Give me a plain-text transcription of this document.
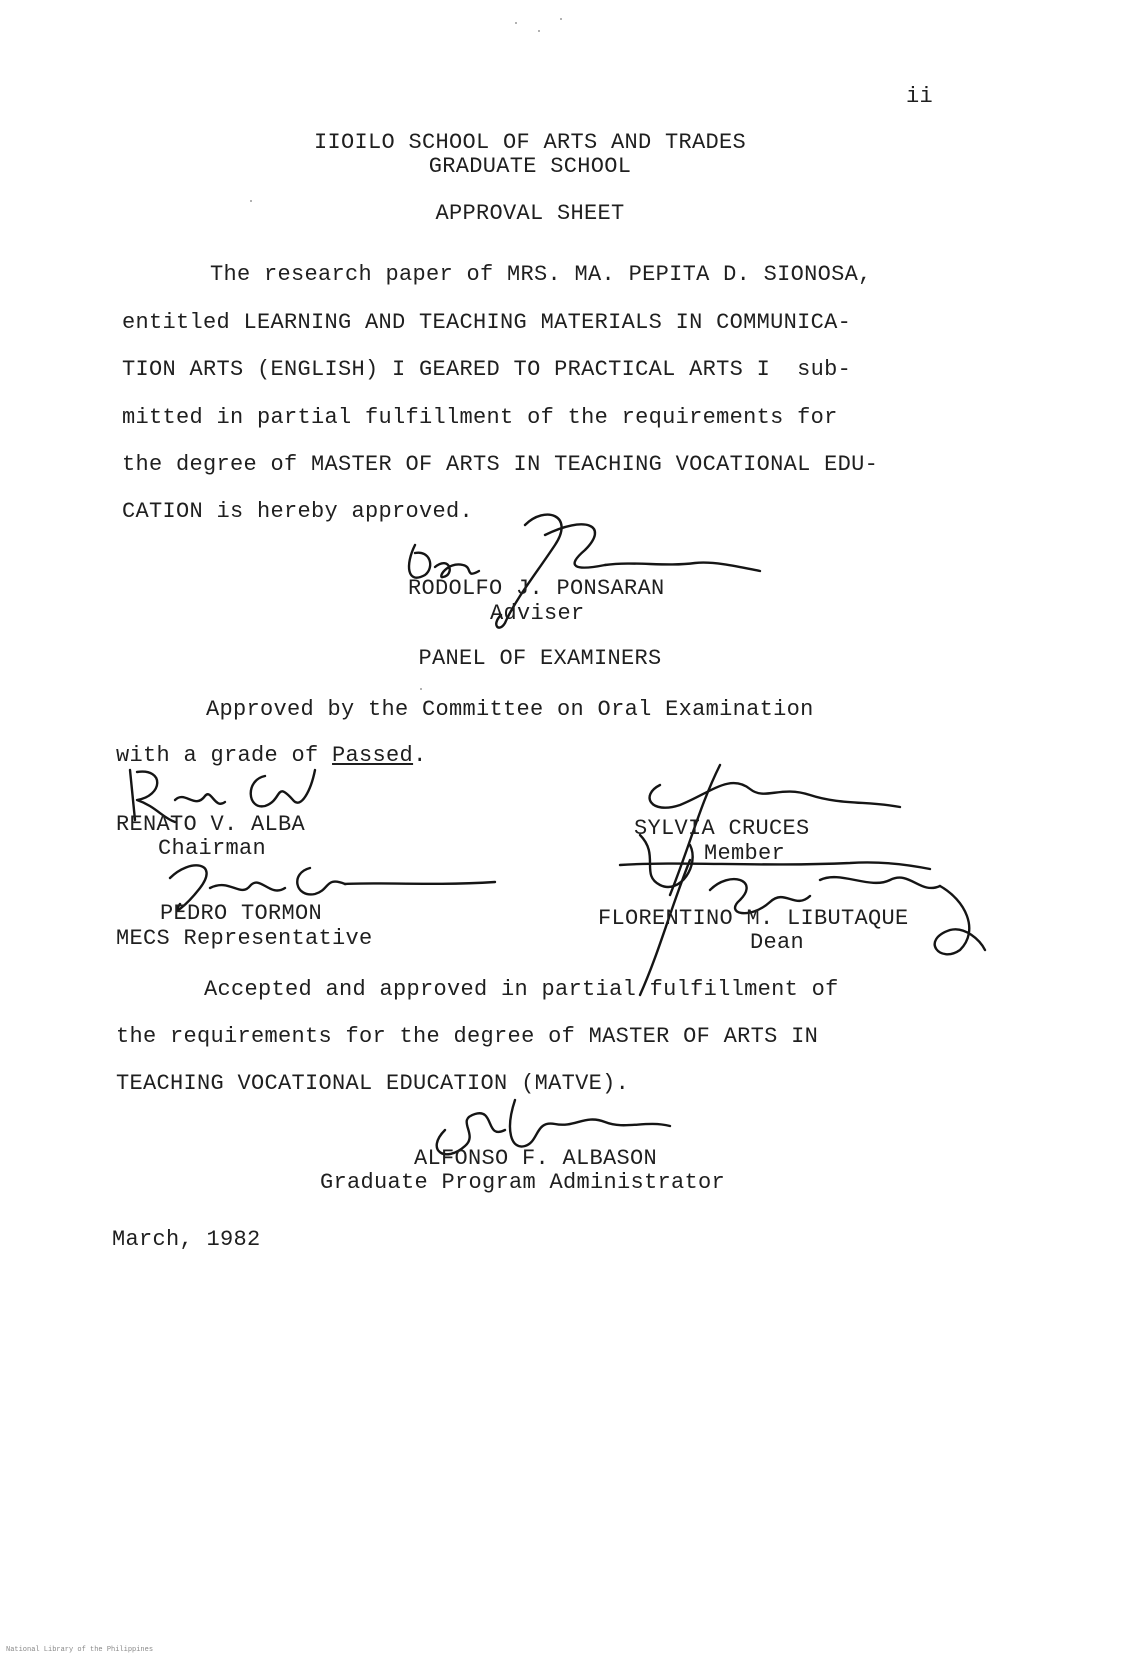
ii
IIOILO SCHOOL OF ARTS AND TRADES
GRADUATE SCHOOL
APPROVAL SHEET
The research paper of MRS. MA. PEPITA D. SIONOSA,
entitled LEARNING AND TEACHING MATERIALS IN COMMUNICA-
TION ARTS (ENGLISH) I GEARED TO PRACTICAL ARTS I  sub-
mitted in partial fulfillment of the requirements for
the degree of MASTER OF ARTS IN TEACHING VOCATIONAL EDU-
CATION is hereby approved.
RODOLFO J. PONSARAN
Adviser
PANEL OF EXAMINERS
Approved by the Committee on Oral Examination
with a grade of Passed.
RENATO V. ALBA
Chairman
SYLVIA CRUCES
Member
PEDRO TORMON
MECS Representative
FLORENTINO M. LIBUTAQUE
Dean
Accepted and approved in partial fulfillment of
the requirements for the degree of MASTER OF ARTS IN
TEACHING VOCATIONAL EDUCATION (MATVE).
ALFONSO F. ALBASON
Graduate Program Administrator
March, 1982
National Library of the Philippines
